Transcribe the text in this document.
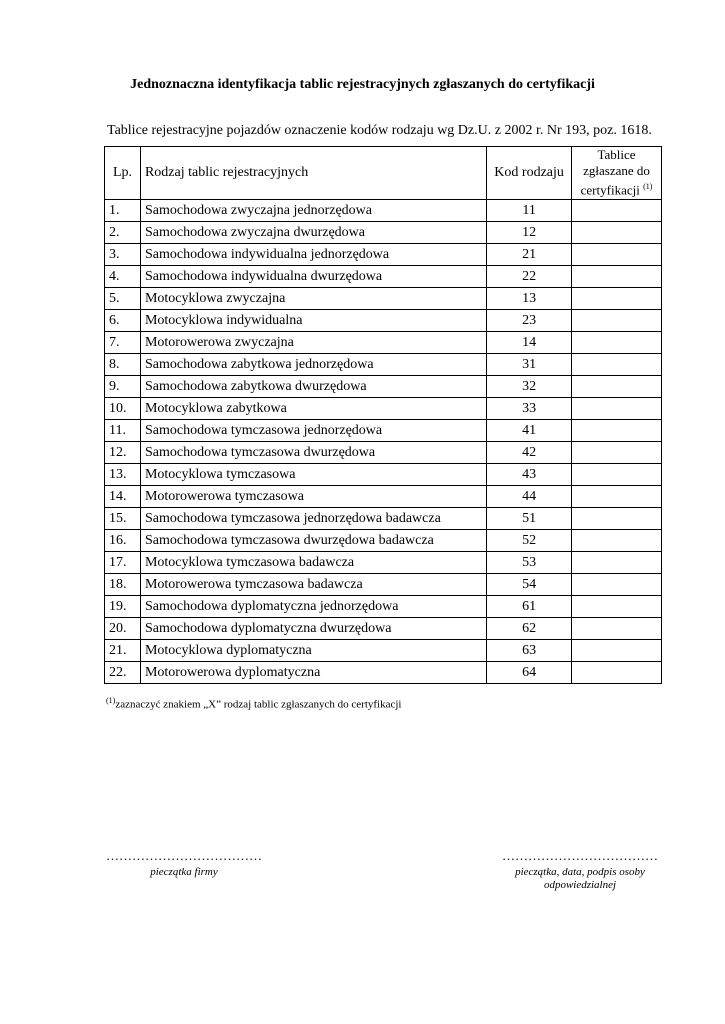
Jednoznaczna identyfikacja tablic rejestracyjnych zgłaszanych do certyfikacji
Tablice rejestracyjne pojazdów oznaczenie kodów rodzaju wg Dz.U. z 2002 r. Nr 193, poz. 1618.
Lp.	Rodzaj tablic rejestracyjnych	Kod rodzaju	Tablice
zgłaszane do
certyfikacji $^{(1)}$
1.	Samochodowa zwyczajna jednorzędowa	11	
2.	Samochodowa zwyczajna dwurzędowa	12	
3.	Samochodowa indywidualna jednorzędowa	21	
4.	Samochodowa indywidualna dwurzędowa	22	
5.	Motocyklowa zwyczajna	13	
6.	Motocyklowa indywidualna	23	
7.	Motorowerowa zwyczajna	14	
8.	Samochodowa zabytkowa jednorzędowa	31	
9.	Samochodowa zabytkowa dwurzędowa	32	
10.	Motocyklowa zabytkowa	33	
11.	Samochodowa tymczasowa jednorzędowa	41	
12.	Samochodowa tymczasowa dwurzędowa	42	
13.	Motocyklowa tymczasowa	43	
14.	Motorowerowa tymczasowa	44	
15.	Samochodowa tymczasowa jednorzędowa badawcza	51	
16.	Samochodowa tymczasowa dwurzędowa badawcza	52	
17.	Motocyklowa tymczasowa badawcza	53	
18.	Motorowerowa tymczasowa badawcza	54	
19.	Samochodowa dyplomatyczna jednorzędowa	61	
20.	Samochodowa dyplomatyczna dwurzędowa	62	
21.	Motocyklowa dyplomatyczna	63	
22.	Motorowerowa dyplomatyczna	64	
$^{(1)}$zaznaczyć znakiem „X” rodzaj tablic zgłaszanych do certyfikacji
………………………………
pieczątka firmy
………………………………
pieczątka, data, podpis osoby
odpowiedzialnej
